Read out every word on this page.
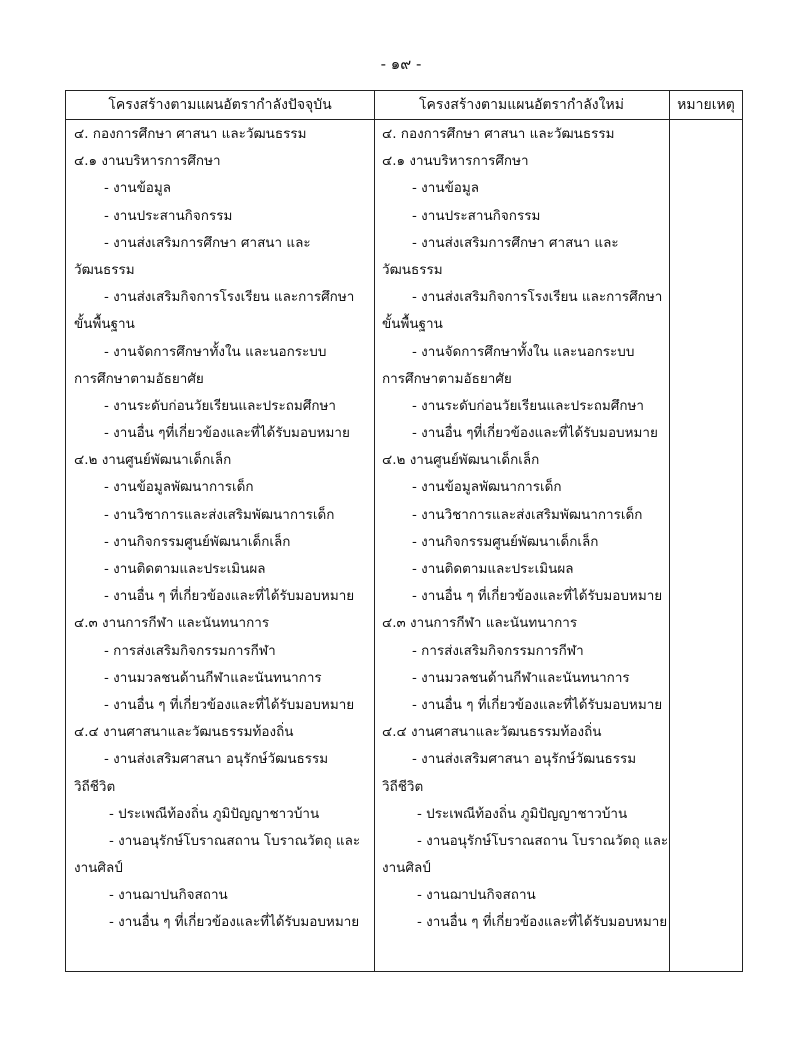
- ๑๙ -
โครงสร้างตามแผนอัตรากำลังปัจจุบัน	โครงสร้างตามแผนอัตรากำลังใหม่	หมายเหตุ
๔. กองการศึกษา ศาสนา และวัฒนธรรม
๔.๑ งานบริหารการศึกษา
- งานข้อมูล
- งานประสานกิจกรรม
- งานส่งเสริมการศึกษา ศาสนา และ
วัฒนธรรม
- งานส่งเสริมกิจการโรงเรียน และการศึกษา
ขั้นพื้นฐาน
- งานจัดการศึกษาทั้งใน และนอกระบบ
การศึกษาตามอัธยาศัย
- งานระดับก่อนวัยเรียนและประถมศึกษา
- งานอื่น ๆที่เกี่ยวข้องและที่ได้รับมอบหมาย
๔.๒ งานศูนย์พัฒนาเด็กเล็ก
- งานข้อมูลพัฒนาการเด็ก
- งานวิชาการและส่งเสริมพัฒนาการเด็ก
- งานกิจกรรมศูนย์พัฒนาเด็กเล็ก
- งานติดตามและประเมินผล
- งานอื่น ๆ ที่เกี่ยวข้องและที่ได้รับมอบหมาย
๔.๓ งานการกีฬา และนันทนาการ
- การส่งเสริมกิจกรรมการกีฬา
- งานมวลชนด้านกีฬาและนันทนาการ
- งานอื่น ๆ ที่เกี่ยวข้องและที่ได้รับมอบหมาย
๔.๔ งานศาสนาและวัฒนธรรมท้องถิ่น
- งานส่งเสริมศาสนา อนุรักษ์วัฒนธรรม
วิถีชีวิต
- ประเพณีท้องถิ่น ภูมิปัญญาชาวบ้าน
- งานอนุรักษ์โบราณสถาน โบราณวัตถุ และ
งานศิลป์
- งานฌาปนกิจสถาน
- งานอื่น ๆ ที่เกี่ยวข้องและที่ได้รับมอบหมาย
๔. กองการศึกษา ศาสนา และวัฒนธรรม
๔.๑ งานบริหารการศึกษา
- งานข้อมูล
- งานประสานกิจกรรม
- งานส่งเสริมการศึกษา ศาสนา และ
วัฒนธรรม
- งานส่งเสริมกิจการโรงเรียน และการศึกษา
ขั้นพื้นฐาน
- งานจัดการศึกษาทั้งใน และนอกระบบ
การศึกษาตามอัธยาศัย
- งานระดับก่อนวัยเรียนและประถมศึกษา
- งานอื่น ๆที่เกี่ยวข้องและที่ได้รับมอบหมาย
๔.๒ งานศูนย์พัฒนาเด็กเล็ก
- งานข้อมูลพัฒนาการเด็ก
- งานวิชาการและส่งเสริมพัฒนาการเด็ก
- งานกิจกรรมศูนย์พัฒนาเด็กเล็ก
- งานติดตามและประเมินผล
- งานอื่น ๆ ที่เกี่ยวข้องและที่ได้รับมอบหมาย
๔.๓ งานการกีฬา และนันทนาการ
- การส่งเสริมกิจกรรมการกีฬา
- งานมวลชนด้านกีฬาและนันทนาการ
- งานอื่น ๆ ที่เกี่ยวข้องและที่ได้รับมอบหมาย
๔.๔ งานศาสนาและวัฒนธรรมท้องถิ่น
- งานส่งเสริมศาสนา อนุรักษ์วัฒนธรรม
วิถีชีวิต
- ประเพณีท้องถิ่น ภูมิปัญญาชาวบ้าน
- งานอนุรักษ์โบราณสถาน โบราณวัตถุ และ
งานศิลป์
- งานฌาปนกิจสถาน
- งานอื่น ๆ ที่เกี่ยวข้องและที่ได้รับมอบหมาย
